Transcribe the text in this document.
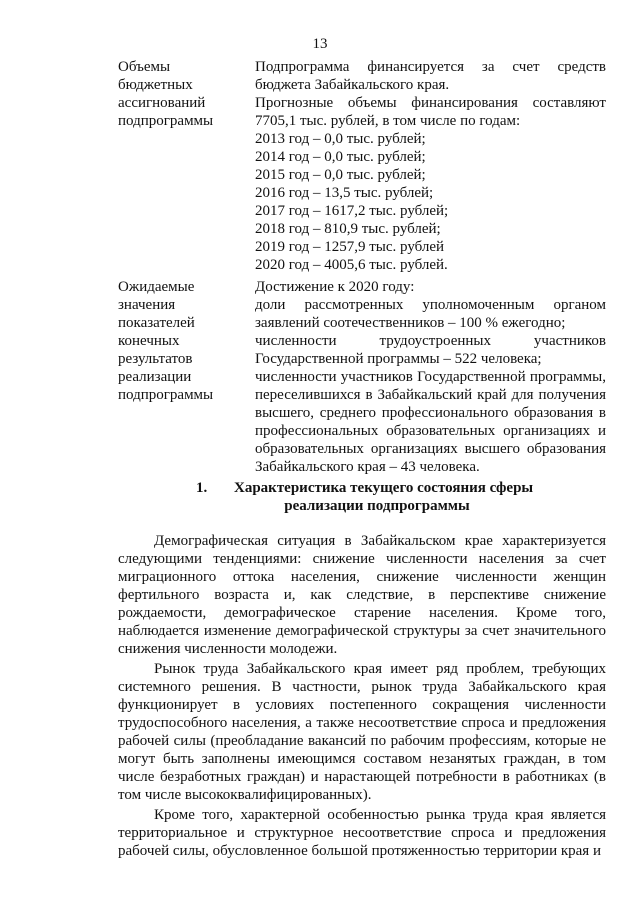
13
Объемы
бюджетных
ассигнований
подпрограммы

Подпрограмма финансируется за счет средств бюджета Забайкальского края.

Прогнозные объемы финансирования составляют 7705,1 тыс. рублей, в том числе по годам:

2013 год – 0,0 тыс. рублей;

2014 год – 0,0 тыс. рублей;

2015 год – 0,0 тыс. рублей;

2016 год – 13,5 тыс. рублей;

2017 год – 1617,2 тыс. рублей;

2018 год – 810,9 тыс. рублей;

2019 год – 1257,9 тыс. рублей

2020 год – 4005,6 тыс. рублей.

Ожидаемые
значения
показателей
конечных
результатов
реализации
подпрограммы

Достижение к 2020 году:

доли рассмотренных уполномоченным органом заявлений соотечественников – 100 % ежегодно;

численности трудоустроенных участников Государственной программы – 522 человека;

численности участников Государственной программы, переселившихся в Забайкальский край для получения высшего, среднего профессионального образования в профессиональных образовательных организациях и образовательных организациях высшего образования Забайкальского края – 43 человека.

1.	Характеристика текущего состояния сферы
реализации подпрограммы

Демографическая ситуация в Забайкальском крае характеризуется следующими тенденциями: снижение численности населения за счет миграционного оттока населения, снижение численности женщин фертильного возраста и, как следствие, в перспективе снижение рождаемости, демографическое старение населения. Кроме того, наблюдается изменение демографической структуры за счет значительного снижения численности молодежи.

Рынок труда Забайкальского края имеет ряд проблем, требующих системного решения. В частности, рынок труда Забайкальского края функционирует в условиях постепенного сокращения численности трудоспособного населения, а также несоответствие спроса и предложения рабочей силы (преобладание вакансий по рабочим профессиям, которые не могут быть заполнены имеющимся составом незанятых граждан, в том числе безработных граждан) и нарастающей потребности в работниках (в том числе высококвалифицированных).

Кроме того, характерной особенностью рынка труда края является территориальное и структурное несоответствие спроса и предложения рабочей силы, обусловленное большой протяженностью территории края и
